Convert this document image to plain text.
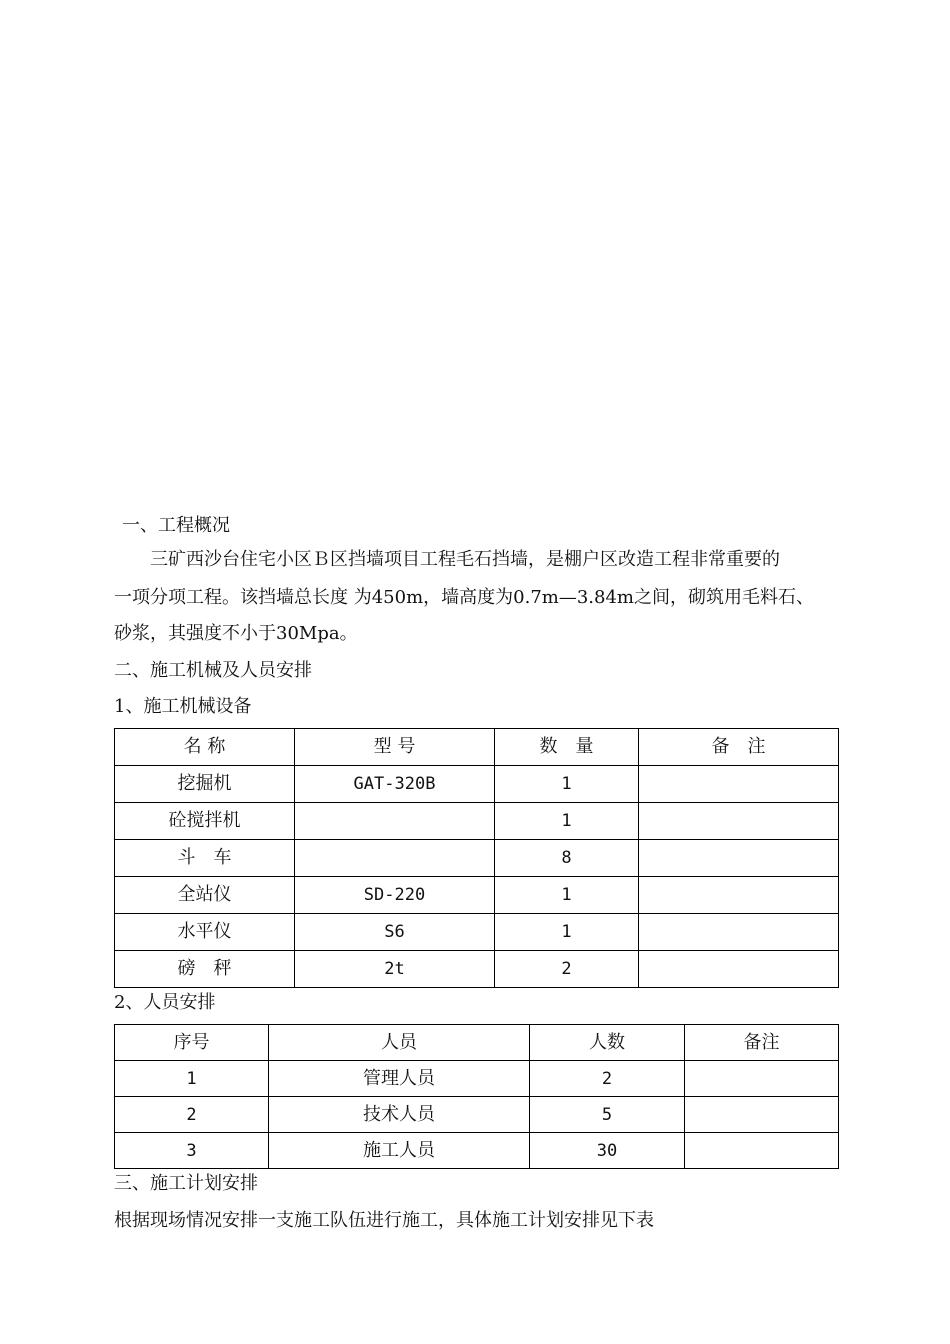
一、工程概况
三矿西沙台住宅小区Ｂ区挡墙项目工程毛石挡墙，是棚户区改造工程非常重要的
一项分项工程。该挡墙总长度 为450m，墙高度为0.7m—3.84m之间，砌筑用毛料石、
砂浆，其强度不小于30Mpa。
二、施工机械及人员安排
1、施工机械设备
名 称	型 号	数　量	备　注
挖掘机	GAT-320B	1	
砼搅拌机		1	
斗　车		8	
全站仪	SD-220	1	
水平仪	S6	1	
磅　秤	2t	2	
2、人员安排
序号	人员	人数	备注
1	管理人员	2	
2	技术人员	5	
3	施工人员	30	
三、施工计划安排
根据现场情况安排一支施工队伍进行施工，具体施工计划安排见下表
